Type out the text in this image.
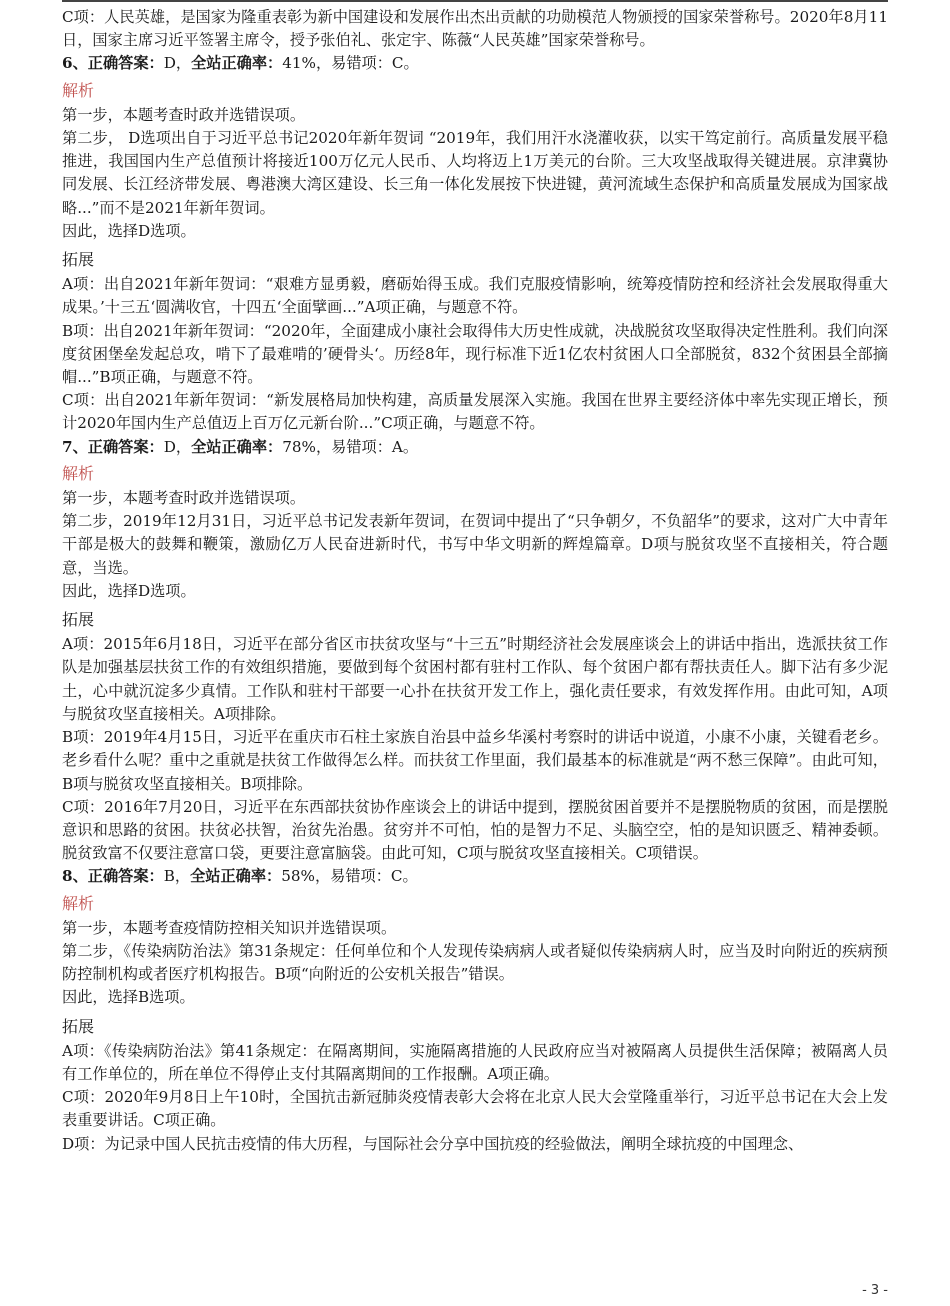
C项：人民英雄，是国家为隆重表彰为新中国建设和发展作出杰出贡献的功勋模范人物颁授的国家荣誉称号。2020年8月11日，国家主席习近平签署主席令，授予张伯礼、张定宇、陈薇“人民英雄”国家荣誉称号。

6、正确答案：D，全站正确率：41%，易错项：C。

解析

第一步，本题考查时政并选错误项。

第二步， D选项出自于习近平总书记2020年新年贺词 “2019年，我们用汗水浇灌收获，以实干笃定前行。高质量发展平稳推进，我国国内生产总值预计将接近100万亿元人民币、人均将迈上1万美元的台阶。三大攻坚战取得关键进展。京津冀协同发展、长江经济带发展、粤港澳大湾区建设、长三角一体化发展按下快进键，黄河流域生态保护和高质量发展成为国家战略...”而不是2021年新年贺词。

因此，选择D选项。

拓展

A项：出自2021年新年贺词：“艰难方显勇毅，磨砺始得玉成。我们克服疫情影响，统筹疫情防控和经济社会发展取得重大成果。’十三五‘圆满收官，十四五‘全面擘画...”A项正确，与题意不符。

B项：出自2021年新年贺词：“2020年，全面建成小康社会取得伟大历史性成就，决战脱贫攻坚取得决定性胜利。我们向深度贫困堡垒发起总攻，啃下了最难啃的’硬骨头‘。历经8年，现行标准下近1亿农村贫困人口全部脱贫，832个贫困县全部摘帽...”B项正确，与题意不符。

C项：出自2021年新年贺词：“新发展格局加快构建，高质量发展深入实施。我国在世界主要经济体中率先实现正增长，预计2020年国内生产总值迈上百万亿元新台阶...”C项正确，与题意不符。

7、正确答案：D，全站正确率：78%，易错项：A。

解析

第一步，本题考查时政并选错误项。

第二步，2019年12月31日，习近平总书记发表新年贺词，在贺词中提出了“只争朝夕，不负韶华”的要求，这对广大中青年干部是极大的鼓舞和鞭策，激励亿万人民奋进新时代，书写中华文明新的辉煌篇章。D项与脱贫攻坚不直接相关，符合题意，当选。

因此，选择D选项。

拓展

A项：2015年6月18日，习近平在部分省区市扶贫攻坚与“十三五”时期经济社会发展座谈会上的讲话中指出，选派扶贫工作队是加强基层扶贫工作的有效组织措施，要做到每个贫困村都有驻村工作队、每个贫困户都有帮扶责任人。脚下沾有多少泥土，心中就沉淀多少真情。工作队和驻村干部要一心扑在扶贫开发工作上，强化责任要求，有效发挥作用。由此可知，A项与脱贫攻坚直接相关。A项排除。

B项：2019年4月15日，习近平在重庆市石柱土家族自治县中益乡华溪村考察时的讲话中说道，小康不小康，关键看老乡。老乡看什么呢？重中之重就是扶贫工作做得怎么样。而扶贫工作里面，我们最基本的标准就是“两不愁三保障”。由此可知，B项与脱贫攻坚直接相关。B项排除。

C项：2016年7月20日，习近平在东西部扶贫协作座谈会上的讲话中提到，摆脱贫困首要并不是摆脱物质的贫困，而是摆脱意识和思路的贫困。扶贫必扶智，治贫先治愚。贫穷并不可怕，怕的是智力不足、头脑空空，怕的是知识匮乏、精神委顿。脱贫致富不仅要注意富口袋，更要注意富脑袋。由此可知，C项与脱贫攻坚直接相关。C项错误。

8、正确答案：B，全站正确率：58%，易错项：C。

解析

第一步，本题考查疫情防控相关知识并选错误项。

第二步，《传染病防治法》第31条规定：任何单位和个人发现传染病病人或者疑似传染病病人时，应当及时向附近的疾病预防控制机构或者医疗机构报告。B项“向附近的公安机关报告”错误。

因此，选择B选项。

拓展

A项：《传染病防治法》第41条规定：在隔离期间，实施隔离措施的人民政府应当对被隔离人员提供生活保障；被隔离人员有工作单位的，所在单位不得停止支付其隔离期间的工作报酬。A项正确。

C项：2020年9月8日上午10时，全国抗击新冠肺炎疫情表彰大会将在北京人民大会堂隆重举行，习近平总书记在大会上发表重要讲话。C项正确。

D项：为记录中国人民抗击疫情的伟大历程，与国际社会分享中国抗疫的经验做法，阐明全球抗疫的中国理念、

- 3 -
